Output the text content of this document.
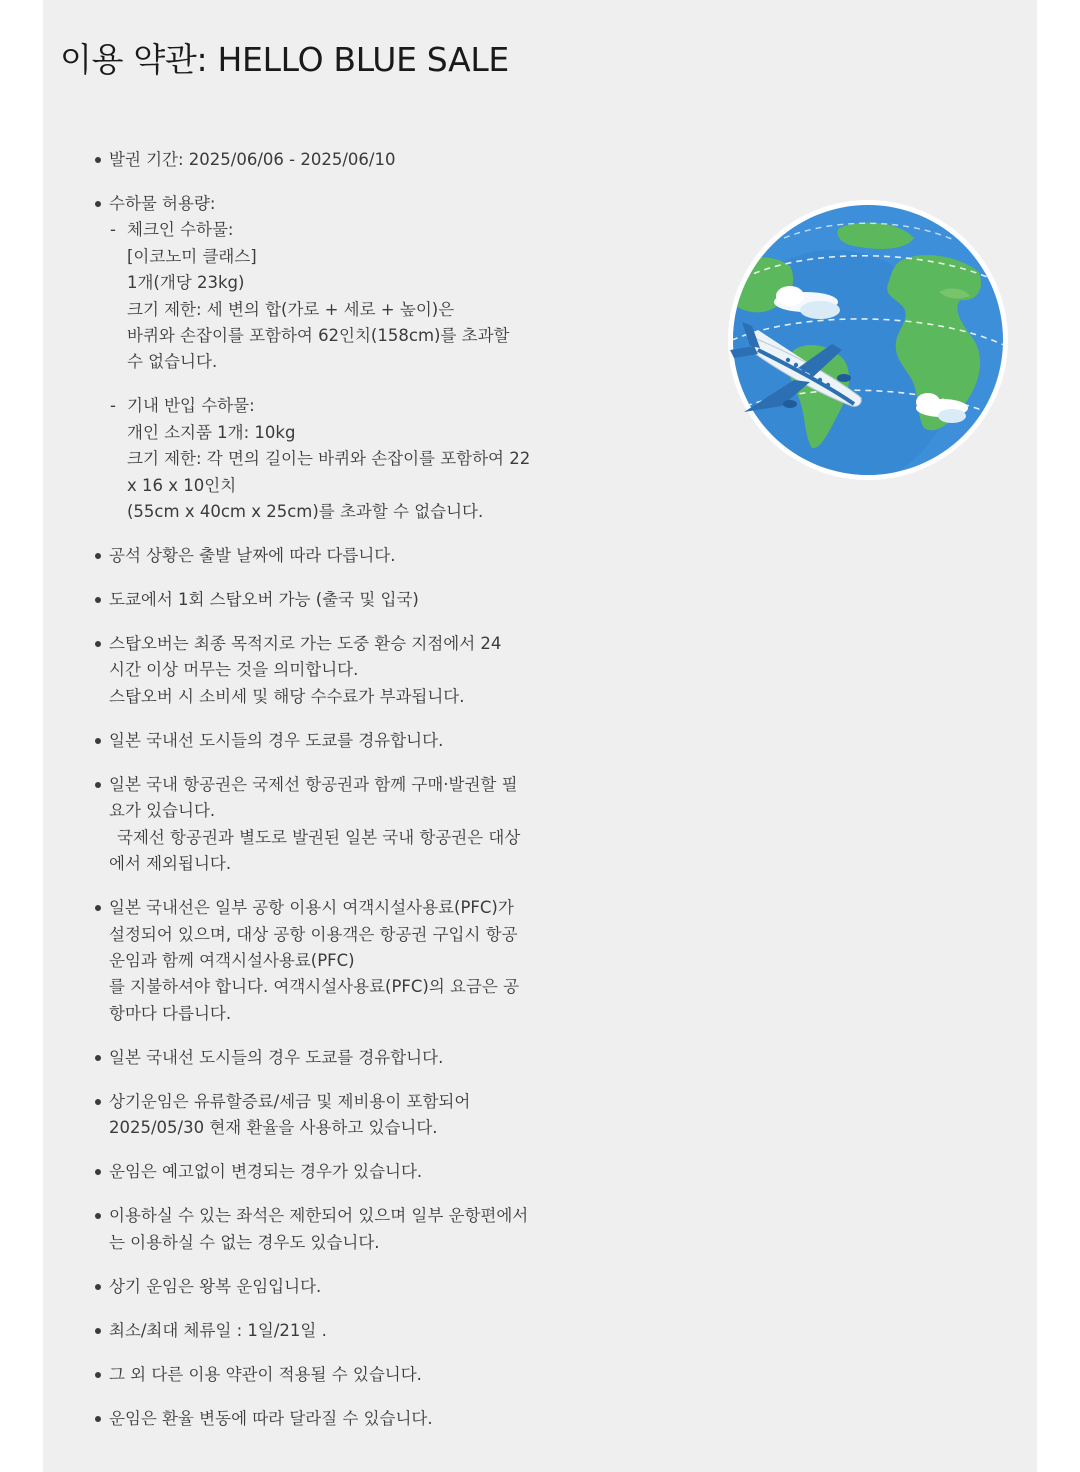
이용 약관: HELLO BLUE SALE
발권 기간: 2025/06/06 - 2025/06/10
수하물 허용량:
- 체크인 수하물:
[이코노미 클래스]
1개(개당 23kg)
크기 제한: 세 변의 합(가로 + 세로 + 높이)은
바퀴와 손잡이를 포함하여 62인치(158cm)를 초과할
수 없습니다.
- 기내 반입 수하물:
개인 소지품 1개: 10kg
크기 제한: 각 면의 길이는 바퀴와 손잡이를 포함하여 22
x 16 x 10인치
(55cm x 40cm x 25cm)를 초과할 수 없습니다.
공석 상황은 출발 날짜에 따라 다릅니다.
도쿄에서 1회 스탑오버 가능 (출국 및 입국)
스탑오버는 최종 목적지로 가는 도중 환승 지점에서 24
시간 이상 머무는 것을 의미합니다.
스탑오버 시 소비세 및 해당 수수료가 부과됩니다.
일본 국내선 도시들의 경우 도쿄를 경유합니다.
일본 국내 항공권은 국제선 항공권과 함께 구매·발권할 필
요가 있습니다.
국제선 항공권과 별도로 발권된 일본 국내 항공권은 대상
에서 제외됩니다.
일본 국내선은 일부 공항 이용시 여객시설사용료(PFC)가
설정되어 있으며, 대상 공항 이용객은 항공권 구입시 항공
운임과 함께 여객시설사용료(PFC)
를 지불하셔야 합니다. 여객시설사용료(PFC)의 요금은 공
항마다 다릅니다.
일본 국내선 도시들의 경우 도쿄를 경유합니다.
상기운임은 유류할증료/세금 및 제비용이 포함되어
2025/05/30 현재 환율을 사용하고 있습니다.
운임은 예고없이 변경되는 경우가 있습니다.
이용하실 수 있는 좌석은 제한되어 있으며 일부 운항편에서
는 이용하실 수 없는 경우도 있습니다.
상기 운임은 왕복 운임입니다.
최소/최대 체류일 : 1일/21일 .
그 외 다른 이용 약관이 적용될 수 있습니다.
운임은 환율 변동에 따라 달라질 수 있습니다.
